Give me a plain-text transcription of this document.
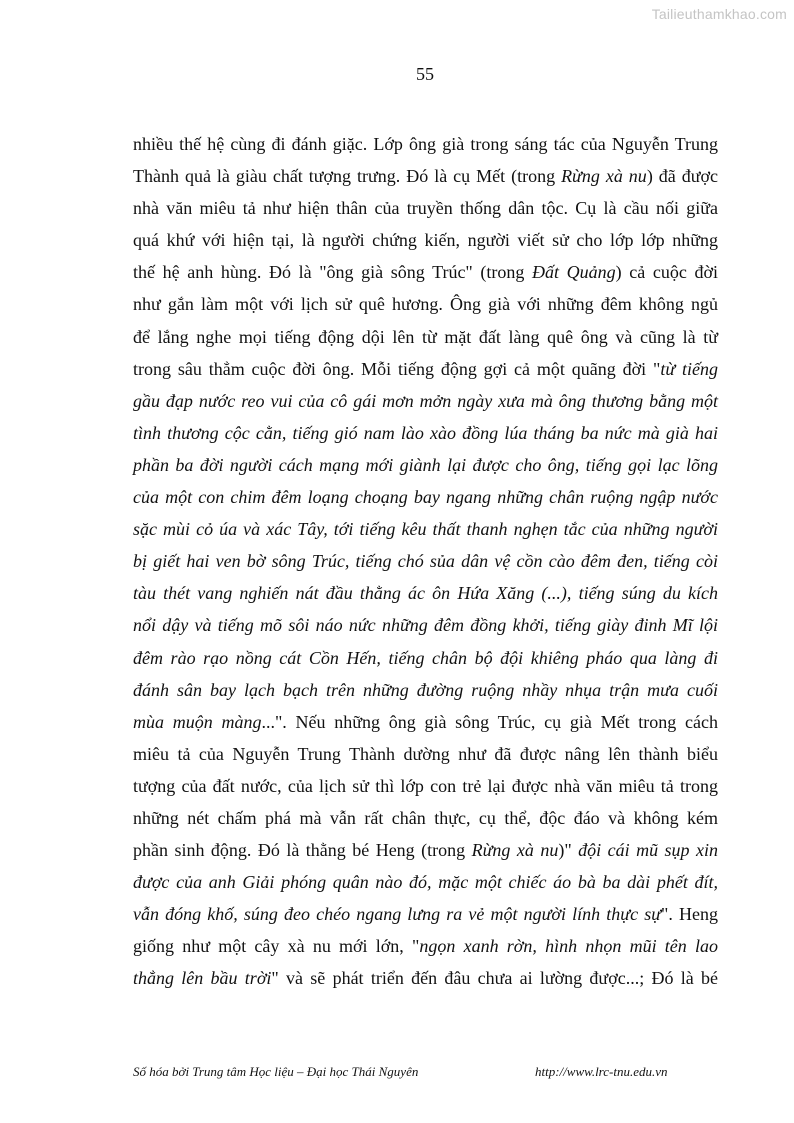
Tailieuthamkhao.com
55
nhiều thế hệ cùng đi đánh giặc. Lớp ông già trong sáng tác của Nguyễn Trung
Thành quả là giàu chất tượng trưng. Đó là cụ Mết (trong Rừng xà nu) đã được
nhà văn miêu tả như hiện thân của truyền thống dân tộc. Cụ là cầu nối giữa
quá khứ với hiện tại, là người chứng kiến, người viết sử cho lớp lớp những
thế hệ anh hùng. Đó là "ông già sông Trúc" (trong Đất Quảng) cả cuộc đời
như gắn làm một với lịch sử quê hương. Ông già với những đêm không ngủ
để lắng nghe mọi tiếng động dội lên từ mặt đất làng quê ông và cũng là từ
trong sâu thẳm cuộc đời ông. Mỗi tiếng động gợi cả một quãng đời "từ tiếng
gầu đạp nước reo vui của cô gái mơn mởn ngày xưa mà ông thương bằng một
tình thương cộc cằn, tiếng gió nam lào xào đồng lúa tháng ba nức mà già hai
phần ba đời người cách mạng mới giành lại được cho ông, tiếng gọi lạc lõng
của một con chim đêm loạng choạng bay ngang những chân ruộng ngập nước
sặc mùi cỏ úa và xác Tây, tới tiếng kêu thất thanh nghẹn tắc của những người
bị giết hai ven bờ sông Trúc, tiếng chó sủa dân vệ cồn cào đêm đen, tiếng còi
tàu thét vang nghiến nát đầu thằng ác ôn Hứa Xăng (...), tiếng súng du kích
nổi dậy và tiếng mõ sôi náo nức những đêm đồng khởi, tiếng giày đinh Mĩ lội
đêm rào rạo nồng cát Cồn Hến, tiếng chân bộ đội khiêng pháo qua làng đi
đánh sân bay lạch bạch trên những đường ruộng nhầy nhụa trận mưa cuối
mùa muộn màng...". Nếu những ông già sông Trúc, cụ già Mết trong cách
miêu tả của Nguyễn Trung Thành dường như đã được nâng lên thành biểu
tượng của đất nước, của lịch sử thì lớp con trẻ lại được nhà văn miêu tả trong
những nét chấm phá mà vẫn rất chân thực, cụ thể, độc đáo và không kém
phần sinh động. Đó là thằng bé Heng (trong Rừng xà nu)" đội cái mũ sụp xin
được của anh Giải phóng quân nào đó, mặc một chiếc áo bà ba dài phết đít,
vẫn đóng khố, súng đeo chéo ngang lưng ra vẻ một người lính thực sự". Heng
giống như một cây xà nu mới lớn, "ngọn xanh rờn, hình nhọn mũi tên lao
thẳng lên bầu trời" và sẽ phát triển đến đâu chưa ai lường được...; Đó là bé
Số hóa bởi Trung tâm Học liệu – Đại học Thái Nguyên	http://www.lrc-tnu.edu.vn
